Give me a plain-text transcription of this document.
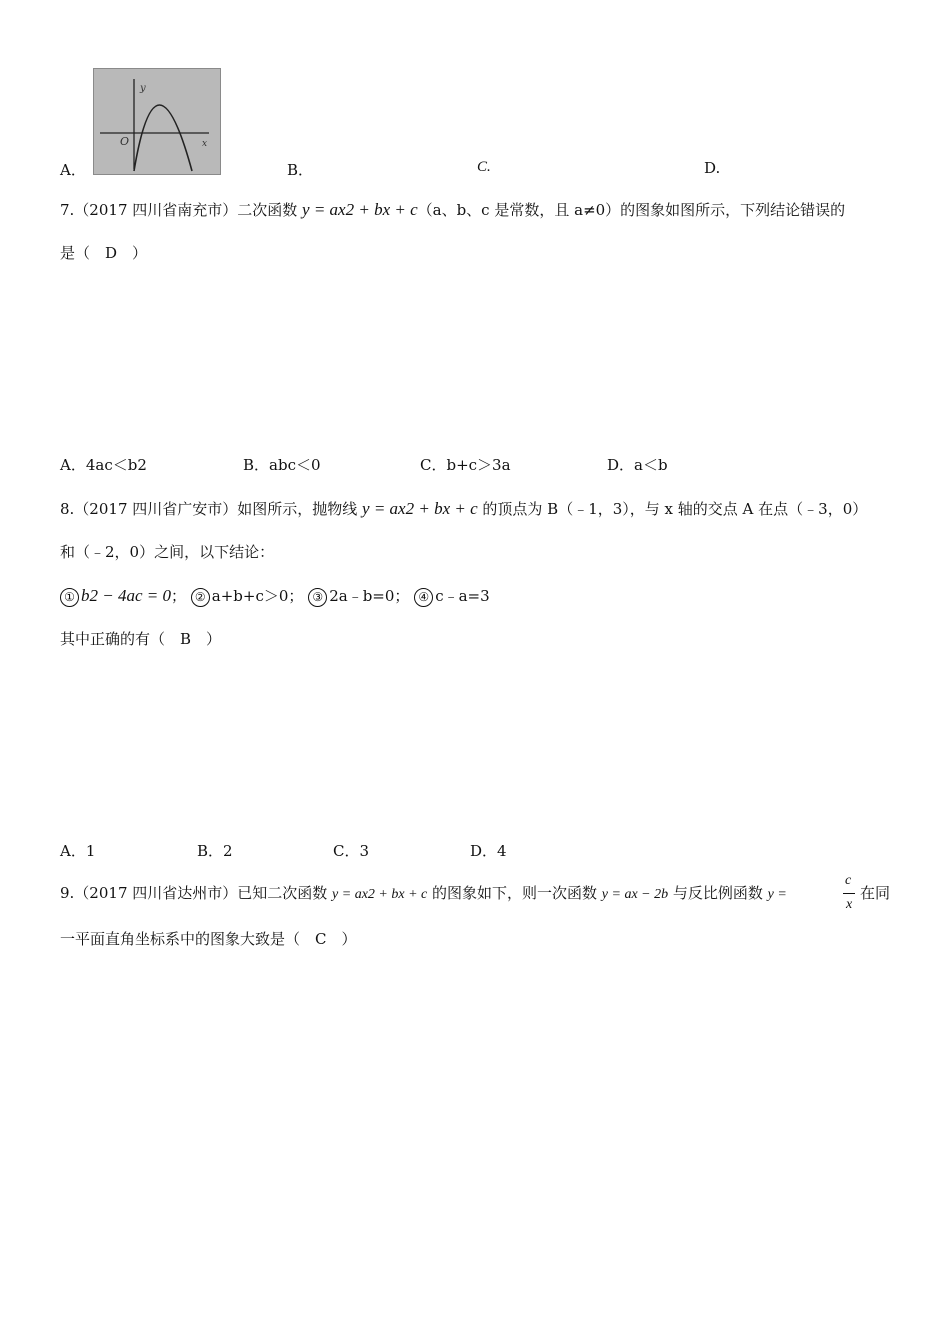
y
O	x
A．	B．	C.	D.
7.（2017 四川省南充市）二次函数 y = ax2 + bx + c（a、b、c 是常数，且 a≠0）的图象如图所示，下列结论错误的
是（　D　）
A．4ac＜b2	B．abc＜0	C．b+c＞3a	D．a＜b
8.（2017 四川省广安市）如图所示，抛物线 y = ax2 + bx + c 的顶点为 B（﹣1，3），与 x 轴的交点 A 在点（﹣3，0）
和（﹣2，0）之间，以下结论：
① b2 − 4ac = 0； ② a+b+c＞0； ③ 2a﹣b=0； ④ c﹣a=3
其中正确的有（　B　）
A．1	B．2	C．3	D．4
9.（2017 四川省达州市）已知二次函数 y = ax2 + bx + c 的图象如下，则一次函数 y = ax − 2b 与反比例函数 y =
c
x
在同
一平面直角坐标系中的图象大致是（　C　）
